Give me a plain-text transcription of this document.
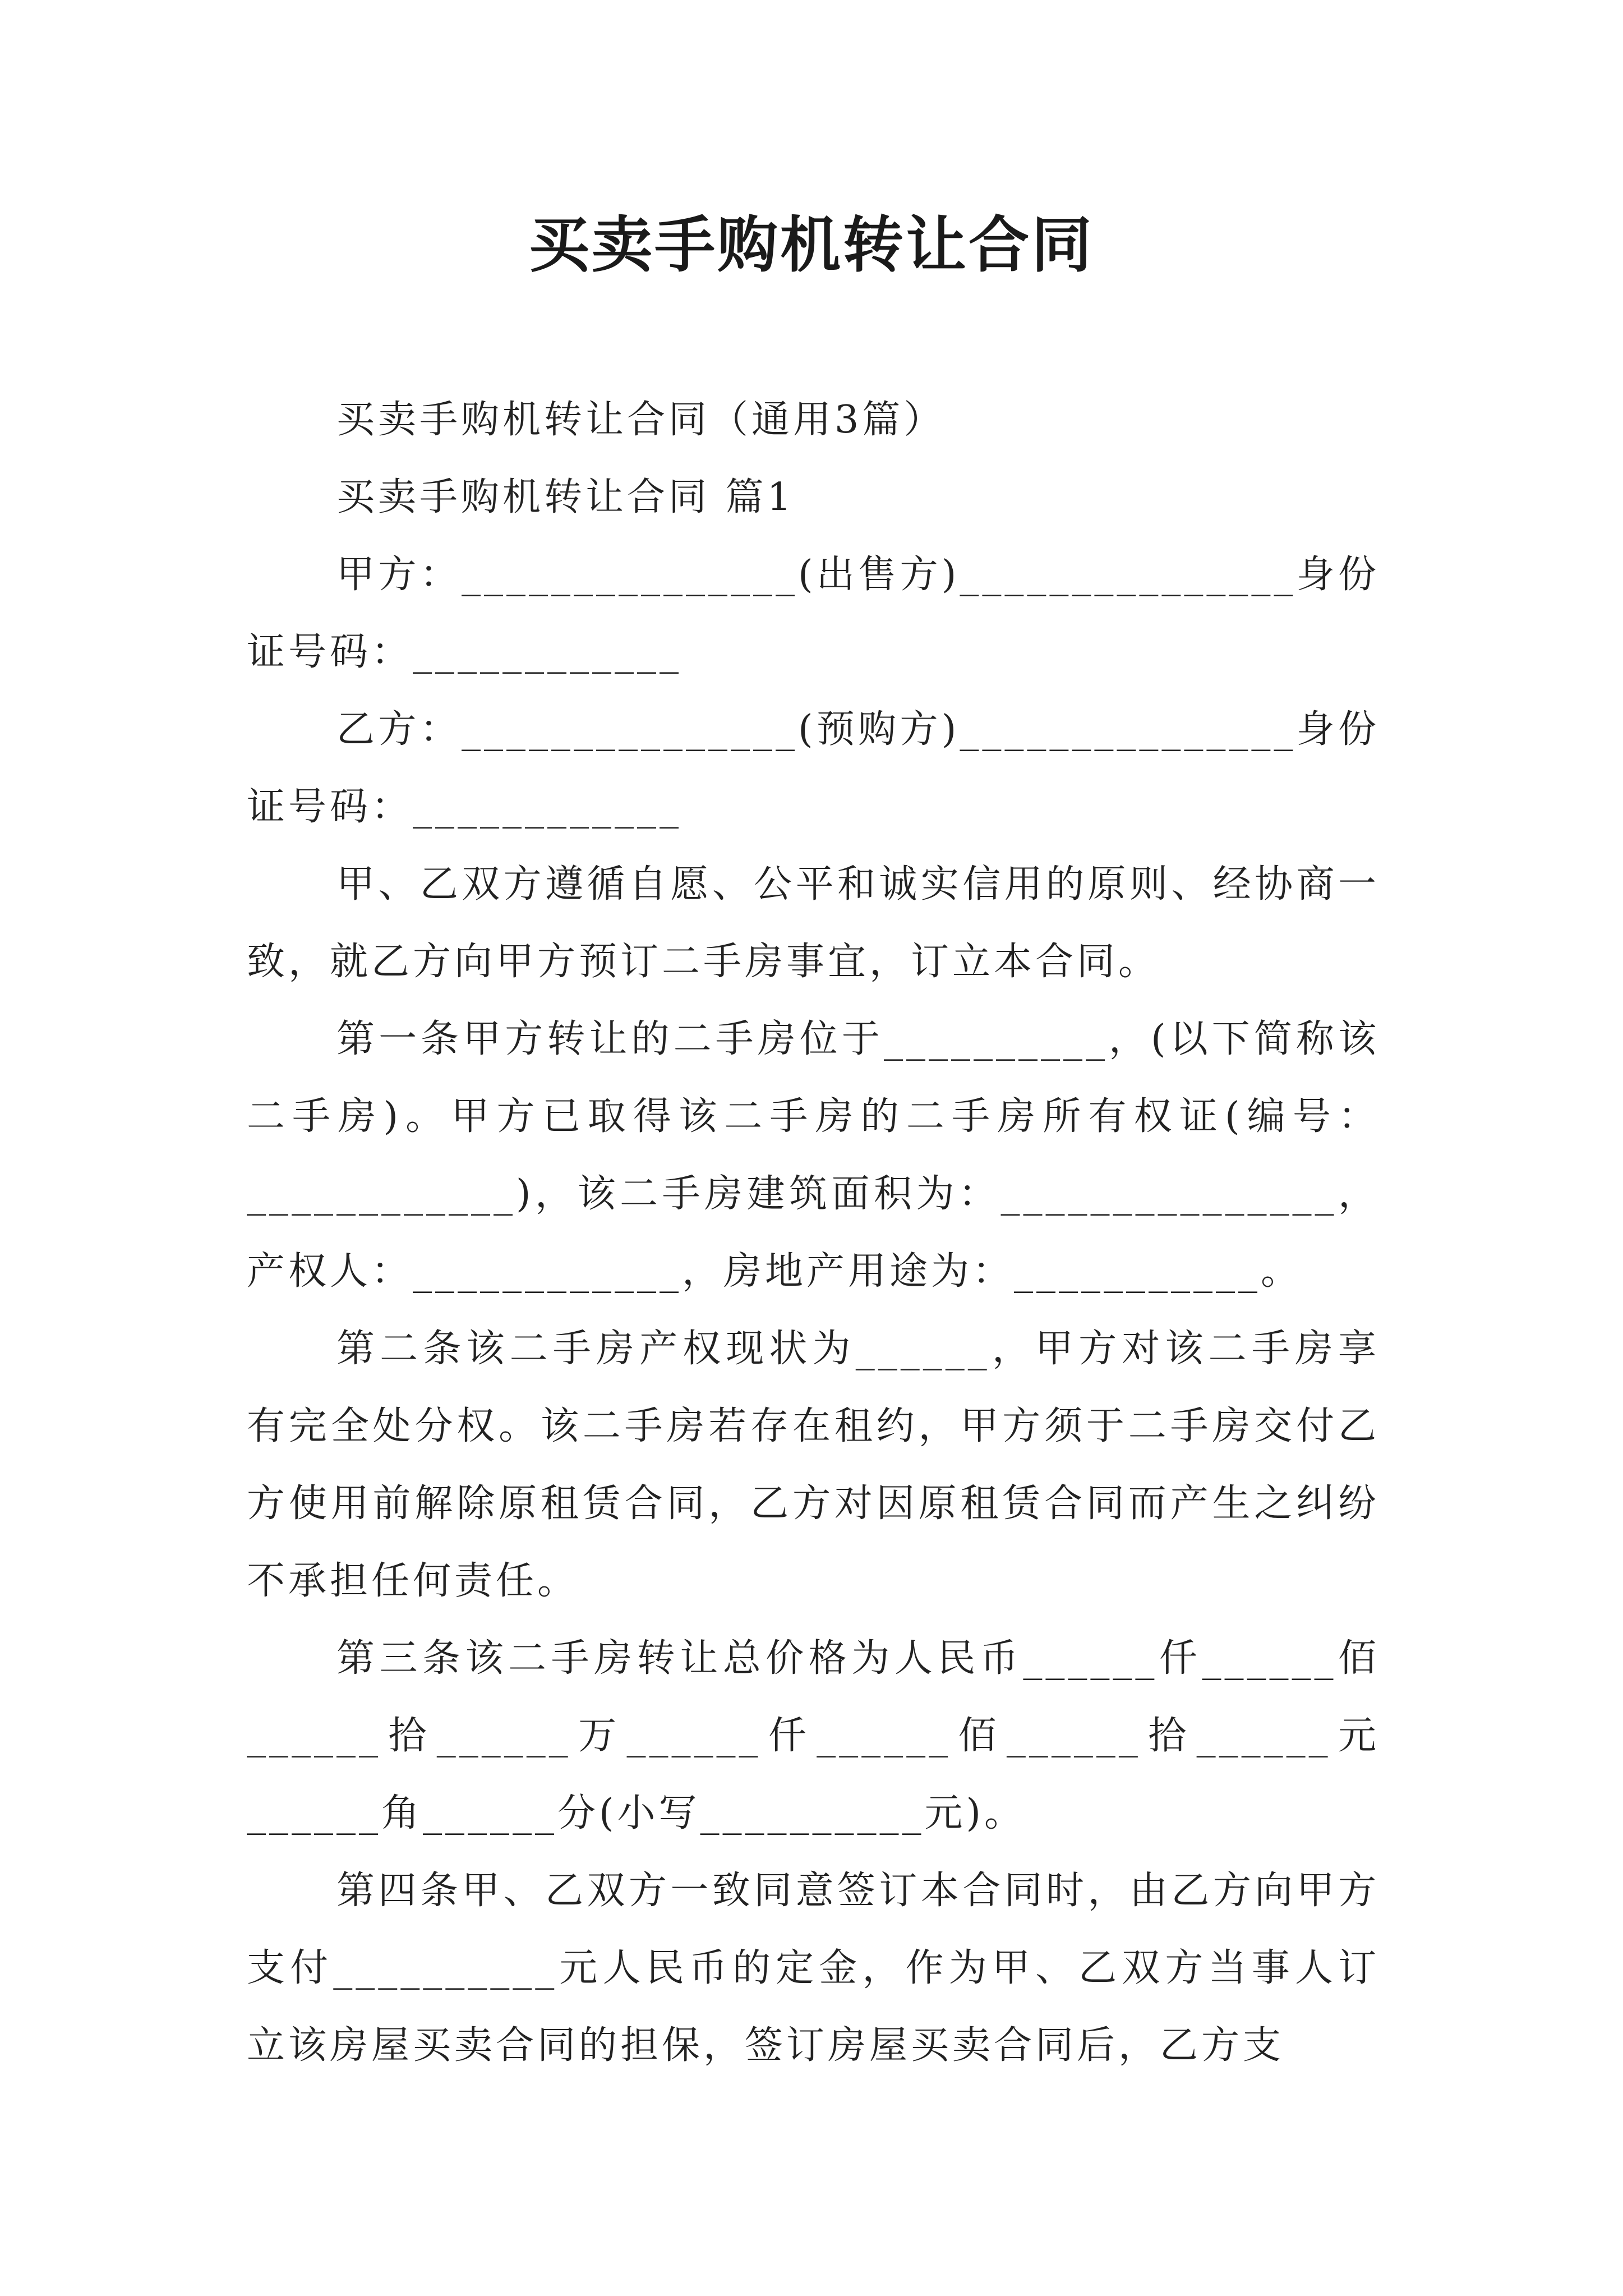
买卖手购机转让合同

买卖手购机转让合同（通用3篇）

买卖手购机转让合同 篇1

甲方：_______________(出售方)_______________身份证号码：____________

乙方：_______________(预购方)_______________身份证号码：____________

甲、乙双方遵循自愿、公平和诚实信用的原则、经协商一致，就乙方向甲方预订二手房事宜，订立本合同。

第一条甲方转让的二手房位于__________，(以下简称该二手房)。甲方已取得该二手房的二手房所有权证(编号：____________)，该二手房建筑面积为：_______________，产权人：____________，房地产用途为：___________。

第二条该二手房产权现状为______，甲方对该二手房享有完全处分权。该二手房若存在租约，甲方须于二手房交付乙方使用前解除原租赁合同，乙方对因原租赁合同而产生之纠纷不承担任何责任。

第三条该二手房转让总价格为人民币______仟______佰______拾______万______仟______佰______拾______元______角______分(小写__________元)。

第四条甲、乙双方一致同意签订本合同时，由乙方向甲方支付__________元人民币的定金，作为甲、乙双方当事人订立该房屋买卖合同的担保，签订房屋买卖合同后，乙方支
